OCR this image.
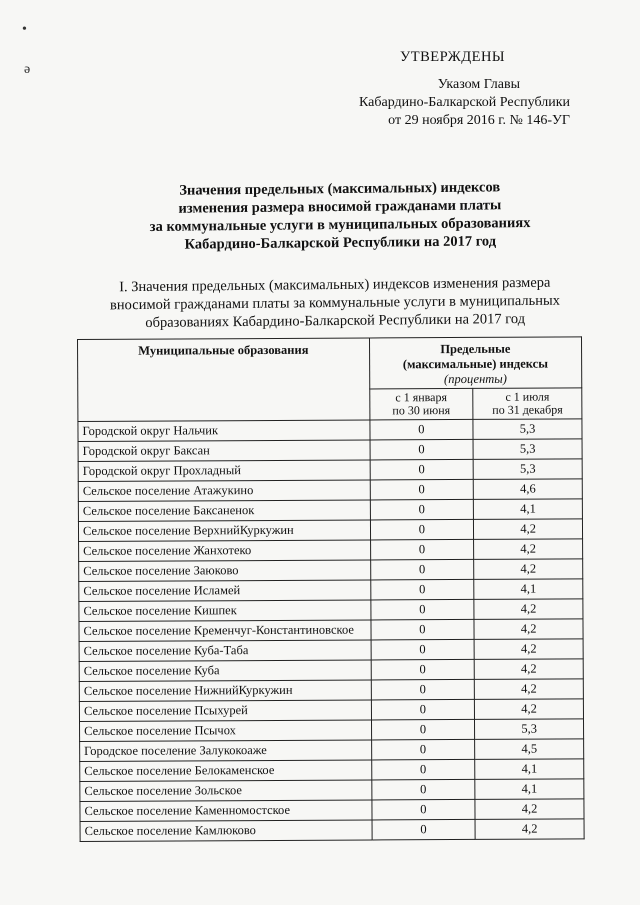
•
ə
УТВЕРЖДЕНЫ
Указом Главы
Кабардино-Балкарской Республики
от 29 ноября 2016 г. № 146-УГ
Значения предельных (максимальных) индексов
изменения размера вносимой гражданами платы
за коммунальные услуги в муниципальных образованиях
Кабардино-Балкарской Республики на 2017 год
I. Значения предельных (максимальных) индексов изменения размера
вносимой гражданами платы за коммунальные услуги в муниципальных
образованиях Кабардино-Балкарской Республики на 2017 год
Муниципальные образования	Предельные
(максимальные) индексы
(проценты)	

	с 1 января
по 30 июня	с 1 июля
по 31 декабря
Городской округ Нальчик	0	5,3
Городской округ Баксан	0	5,3
Городской округ Прохладный	0	5,3
Сельское поселение Атажукино	0	4,6
Сельское поселение Баксаненок	0	4,1
Сельское поселение ВерхнийКуркужин	0	4,2
Сельское поселение Жанхотеко	0	4,2
Сельское поселение Заюково	0	4,2
Сельское поселение Исламей	0	4,1
Сельское поселение Кишпек	0	4,2
Сельское поселение Кременчуг-Константиновское	0	4,2
Сельское поселение Куба-Таба	0	4,2
Сельское поселение Куба	0	4,2
Сельское поселение НижнийКуркужин	0	4,2
Сельское поселение Псыхурей	0	4,2
Сельское поселение Псычох	0	5,3
Городское поселение Залукокоаже	0	4,5
Сельское поселение Белокаменское	0	4,1
Сельское поселение Зольское	0	4,1
Сельское поселение Каменномостское	0	4,2
Сельское поселение Камлюково	0	4,2
